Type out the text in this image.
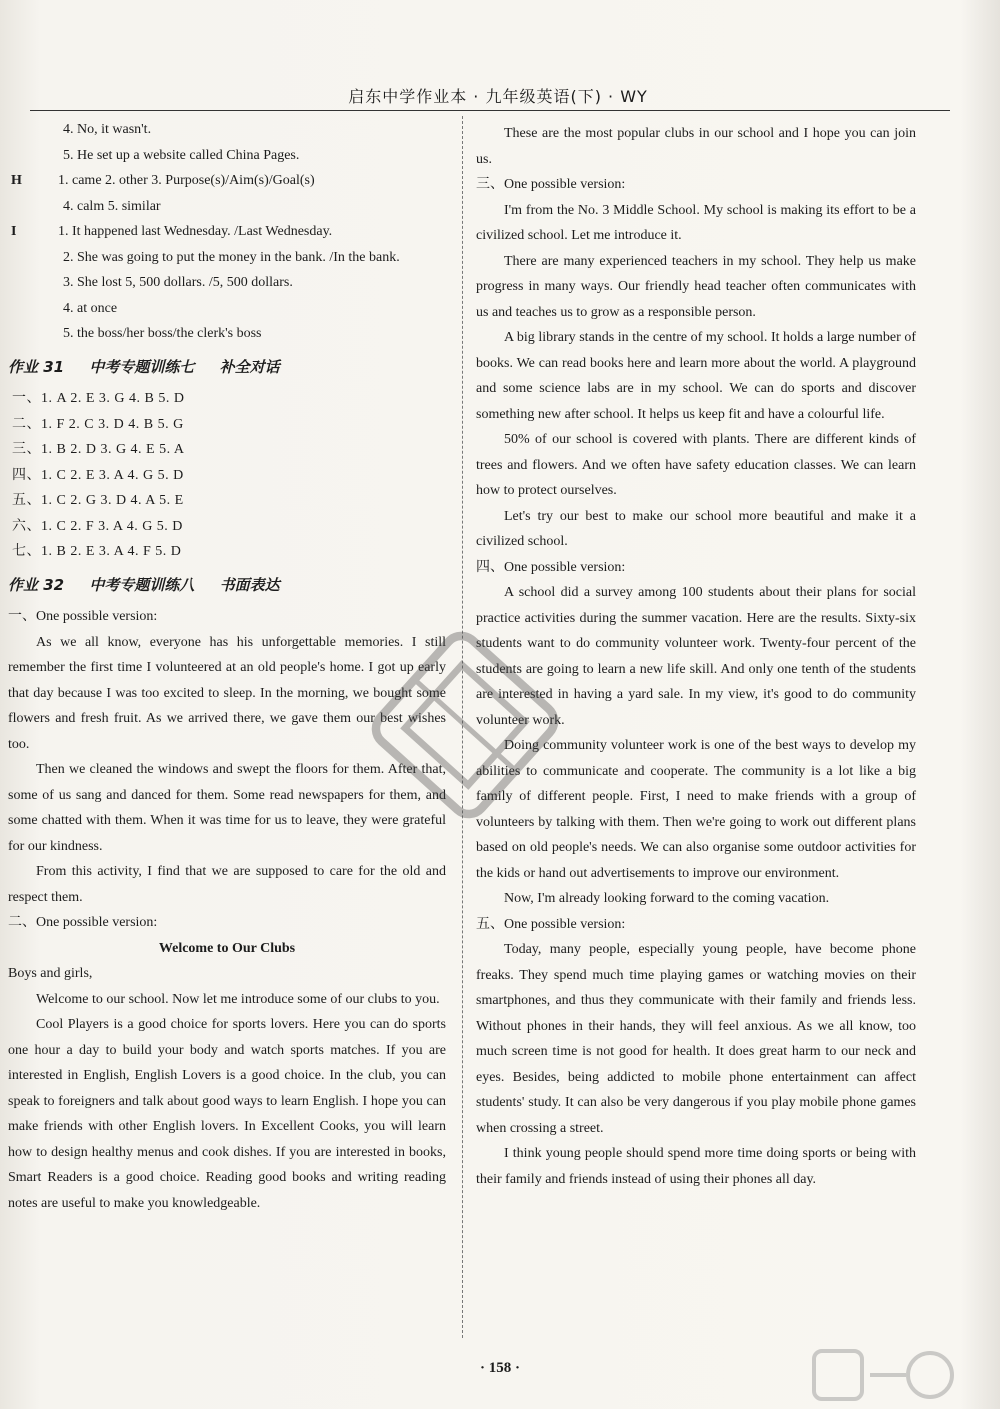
启东中学作业本 · 九年级英语(下) · WY
4. No, it wasn't.
5. He set up a website called China Pages.
H	1. came 2. other 3. Purpose(s)/Aim(s)/Goal(s)
4. calm 5. similar
I	1. It happened last Wednesday. /Last Wednesday.
2. She was going to put the money in the bank. /In the bank.
3. She lost 5, 500 dollars. /5, 500 dollars.
4. at once
5. the boss/her boss/the clerk's boss
作业 31 中考专题训练七 补全对话
一、1. A 2. E 3. G 4. B 5. D
二、1. F 2. C 3. D 4. B 5. G
三、1. B 2. D 3. G 4. E 5. A
四、1. C 2. E 3. A 4. G 5. D
五、1. C 2. G 3. D 4. A 5. E
六、1. C 2. F 3. A 4. G 5. D
七、1. B 2. E 3. A 4. F 5. D
作业 32 中考专题训练八 书面表达
一、One possible version:

As we all know, everyone has his unforgettable memories. I still remember the first time I volunteered at an old people's home. I got up early that day because I was too excited to sleep. In the morning, we bought some flowers and fresh fruit. As we arrived there, we gave them our best wishes too.

Then we cleaned the windows and swept the floors for them. After that, some of us sang and danced for them. Some read newspapers for them, and some chatted with them. When it was time for us to leave, they were grateful for our kindness.

From this activity, I find that we are supposed to care for the old and respect them.

二、One possible version:
Welcome to Our Clubs
Boys and girls,

Welcome to our school. Now let me introduce some of our clubs to you.

Cool Players is a good choice for sports lovers. Here you can do sports one hour a day to build your body and watch sports matches. If you are interested in English, English Lovers is a good choice. In the club, you can speak to foreigners and talk about good ways to learn English. I hope you can make friends with other English lovers. In Excellent Cooks, you will learn how to design healthy menus and cook dishes. If you are interested in books, Smart Readers is a good choice. Reading good books and writing reading notes are useful to make you knowledgeable.

These are the most popular clubs in our school and I hope you can join us.

三、One possible version:

I'm from the No. 3 Middle School. My school is making its effort to be a civilized school. Let me introduce it.

There are many experienced teachers in my school. They help us make progress in many ways. Our friendly head teacher often communicates with us and teaches us to grow as a responsible person.

A big library stands in the centre of my school. It holds a large number of books. We can read books here and learn more about the world. A playground and some science labs are in my school. We can do sports and discover something new after school. It helps us keep fit and have a colourful life.

50% of our school is covered with plants. There are different kinds of trees and flowers. And we often have safety education classes. We can learn how to protect ourselves.

Let's try our best to make our school more beautiful and make it a civilized school.

四、One possible version:

A school did a survey among 100 students about their plans for social practice activities during the summer vacation. Here are the results. Sixty-six students want to do community volunteer work. Twenty-four percent of the students are going to learn a new life skill. And only one tenth of the students are interested in having a yard sale. In my view, it's good to do community volunteer work.

Doing community volunteer work is one of the best ways to develop my abilities to communicate and cooperate. The community is a lot like a big family of different people. First, I need to make friends with a group of volunteers by talking with them. Then we're going to work out different plans based on old people's needs. We can also organise some outdoor activities for the kids or hand out advertisements to improve our environment.

Now, I'm already looking forward to the coming vacation.

五、One possible version:

Today, many people, especially young people, have become phone freaks. They spend much time playing games or watching movies on their smartphones, and thus they communicate with their family and friends less. Without phones in their hands, they will feel anxious. As we all know, too much screen time is not good for health. It does great harm to our neck and eyes. Besides, being addicted to mobile phone entertainment can affect students' study. It can also be very dangerous if you play mobile phone games when crossing a street.

I think young people should spend more time doing sports or being with their family and friends instead of using their phones all day.

· 158 ·
